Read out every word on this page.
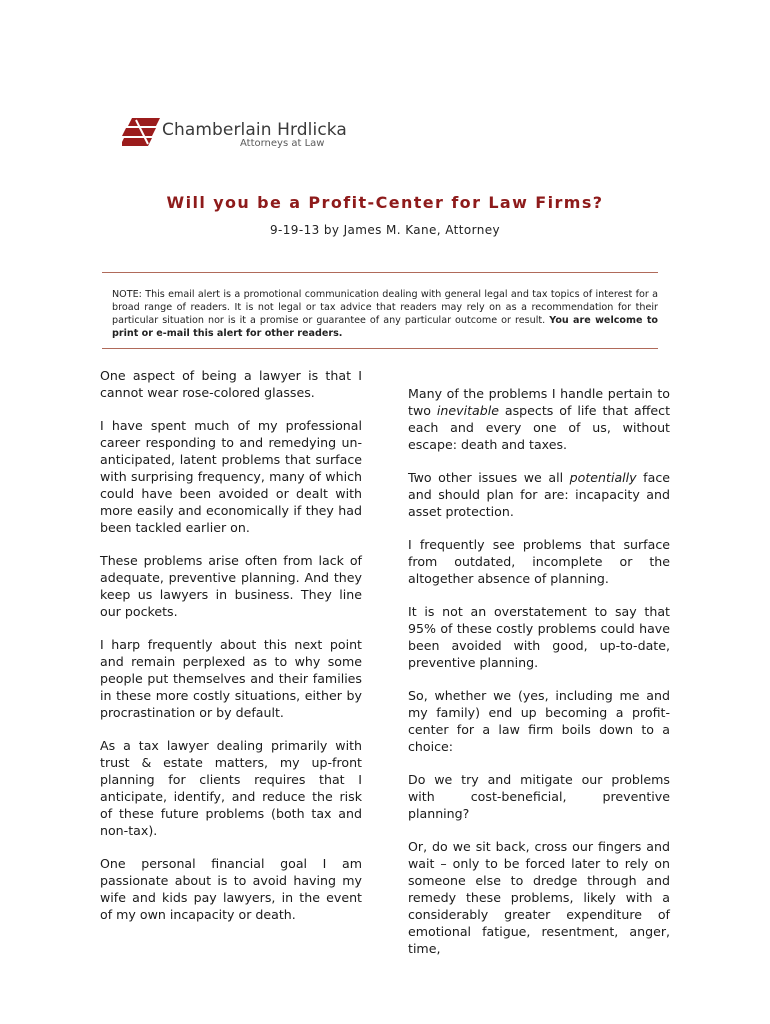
Chamberlain Hrdlicka
Attorneys at Law
Will you be a Profit-Center for Law Firms?
9-19-13 by James M. Kane, Attorney
NOTE: This email alert is a promotional communication dealing with general legal and tax topics of interest for a broad range of readers. It is not legal or tax advice that readers may rely on as a recommendation for their particular situation nor is it a promise or guarantee of any particular outcome or result. You are welcome to print or e-mail this alert for other readers.

One aspect of being a lawyer is that I cannot wear rose-colored glasses.

I have spent much of my professional career responding to and remedying un-anticipated, latent problems that surface with surprising frequency, many of which could have been avoided or dealt with more easily and economically if they had been tackled earlier on.

These problems arise often from lack of adequate, preventive planning. And they keep us lawyers in business. They line our pockets.

I harp frequently about this next point and remain perplexed as to why some people put themselves and their families in these more costly situations, either by procrastination or by default.

As a tax lawyer dealing primarily with trust & estate matters, my up-front planning for clients requires that I anticipate, identify, and reduce the risk of these future problems (both tax and non-tax).

One personal financial goal I am passionate about is to avoid having my wife and kids pay lawyers, in the event of my own incapacity or death.

Many of the problems I handle pertain to two inevitable aspects of life that affect each and every one of us, without escape: death and taxes.

Two other issues we all potentially face and should plan for are: incapacity and asset protection.

I frequently see problems that surface from outdated, incomplete or the altogether absence of planning.

It is not an overstatement to say that 95% of these costly problems could have been avoided with good, up-to-date, preventive planning.

So, whether we (yes, including me and my family) end up becoming a profit-center for a law firm boils down to a choice:

Do we try and mitigate our problems with cost-beneficial, preventive planning?

Or, do we sit back, cross our fingers and wait – only to be forced later to rely on someone else to dredge through and remedy these problems, likely with a considerably greater expenditure of emotional fatigue, resentment, anger, time,
